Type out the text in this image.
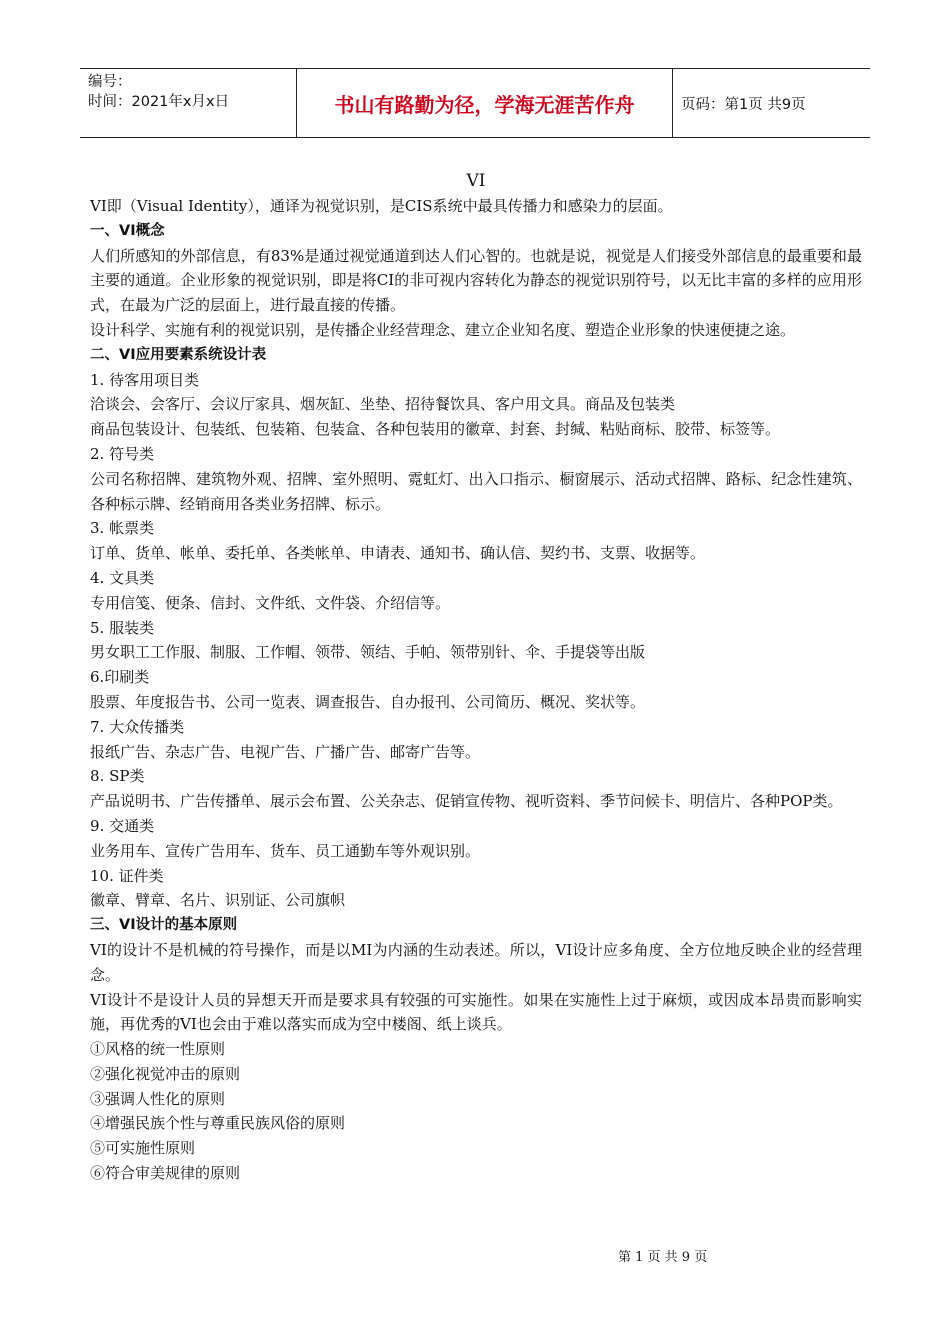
编号：
时间：2021年x月x日	书山有路勤为径，学海无涯苦作舟	页码：第1页 共9页
VI
VI即（Visual Identity），通译为视觉识别，是CIS系统中最具传播力和感染力的层面。
一、VI概念
人们所感知的外部信息，有83%是通过视觉通道到达人们心智的。也就是说，视觉是人们接受外部信息的最重要和最主要的通道。企业形象的视觉识别，即是将CI的非可视内容转化为静态的视觉识别符号，以无比丰富的多样的应用形式，在最为广泛的层面上，进行最直接的传播。
设计科学、实施有利的视觉识别，是传播企业经营理念、建立企业知名度、塑造企业形象的快速便捷之途。
二、VI应用要素系统设计表
1. 待客用项目类
洽谈会、会客厅、会议厅家具、烟灰缸、坐垫、招待餐饮具、客户用文具。商品及包装类
商品包装设计、包装纸、包装箱、包装盒、各种包装用的徽章、封套、封缄、粘贴商标、胶带、标签等。
2. 符号类
公司名称招牌、建筑物外观、招牌、室外照明、霓虹灯、出入口指示、橱窗展示、活动式招牌、路标、纪念性建筑、各种标示牌、经销商用各类业务招牌、标示。
3. 帐票类
订单、货单、帐单、委托单、各类帐单、申请表、通知书、确认信、契约书、支票、收据等。
4. 文具类
专用信笺、便条、信封、文件纸、文件袋、介绍信等。
5. 服装类
男女职工工作服、制服、工作帽、领带、领结、手帕、领带别针、伞、手提袋等出版
6.印刷类
股票、年度报告书、公司一览表、调查报告、自办报刊、公司简历、概况、奖状等。
7. 大众传播类
报纸广告、杂志广告、电视广告、广播广告、邮寄广告等。
8. SP类
产品说明书、广告传播单、展示会布置、公关杂志、促销宣传物、视听资料、季节问候卡、明信片、各种POP类。
9. 交通类
业务用车、宣传广告用车、货车、员工通勤车等外观识别。
10. 证件类
徽章、臂章、名片、识别证、公司旗帜
三、VI设计的基本原则
VI的设计不是机械的符号操作，而是以MI为内涵的生动表述。所以，VI设计应多角度、全方位地反映企业的经营理念。
VI设计不是设计人员的异想天开而是要求具有较强的可实施性。如果在实施性上过于麻烦，或因成本昂贵而影响实施，再优秀的VI也会由于难以落实而成为空中楼阁、纸上谈兵。
①风格的统一性原则
②强化视觉冲击的原则
③强调人性化的原则
④增强民族个性与尊重民族风俗的原则
⑤可实施性原则
⑥符合审美规律的原则
第 1 页 共 9 页
